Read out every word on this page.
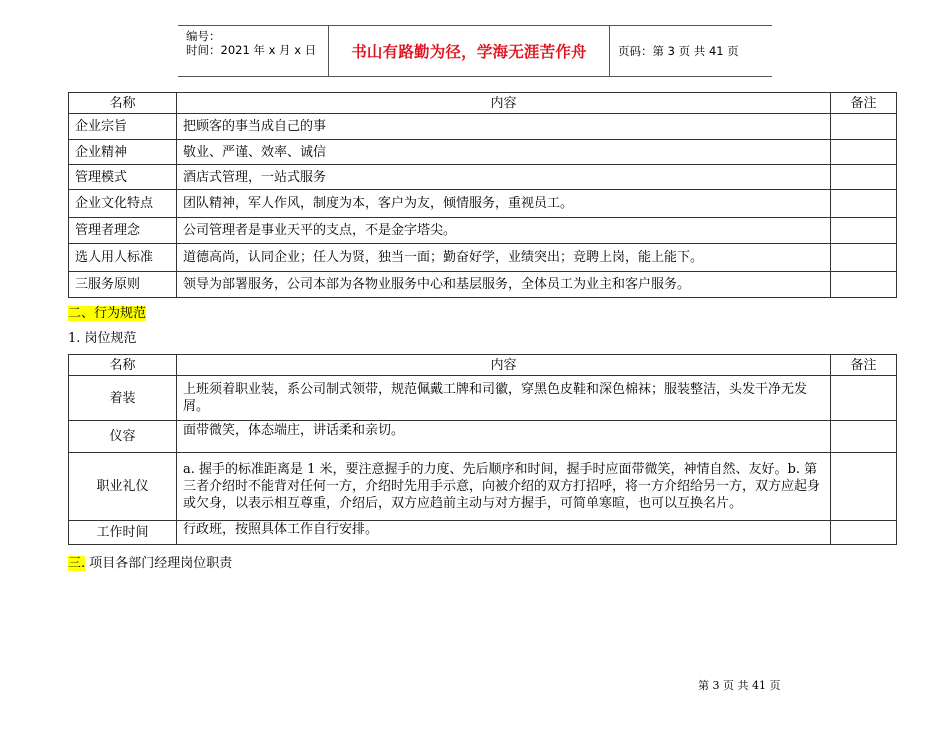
编号：
时间：2021 年 x 月 x 日	书山有路勤为径，学海无涯苦作舟	页码：第 3 页 共 41 页
名称	内容	备注
企业宗旨	把顾客的事当成自己的事	
企业精神	敬业、严谨、效率、诚信	
管理模式	酒店式管理，一站式服务	
企业文化特点	团队精神，军人作风，制度为本，客户为友，倾情服务，重视员工。	
管理者理念	公司管理者是事业天平的支点，不是金字塔尖。	
选人用人标准	道德高尚，认同企业；任人为贤，独当一面；勤奋好学，业绩突出；竞聘上岗，能上能下。	
三服务原则	领导为部署服务，公司本部为各物业服务中心和基层服务，全体员工为业主和客户服务。	
二、行为规范
1. 岗位规范
名称	内容	备注
着装	上班须着职业装，系公司制式领带，规范佩戴工牌和司徽，穿黑色皮鞋和深色棉袜；服装整洁，头发干净无发屑。	
仪容	面带微笑，体态端庄，讲话柔和亲切。	
职业礼仪	a. 握手的标准距离是 1 米，要注意握手的力度、先后顺序和时间，握手时应面带微笑，神情自然、友好。b. 第三者介绍时不能背对任何一方，介绍时先用手示意，向被介绍的双方打招呼，将一方介绍给另一方，双方应起身或欠身，以表示相互尊重，介绍后，双方应趋前主动与对方握手，可简单寒暄，也可以互换名片。	
工作时间	行政班，按照具体工作自行安排。	
三. 项目各部门经理岗位职责
第 3 页 共 41 页
